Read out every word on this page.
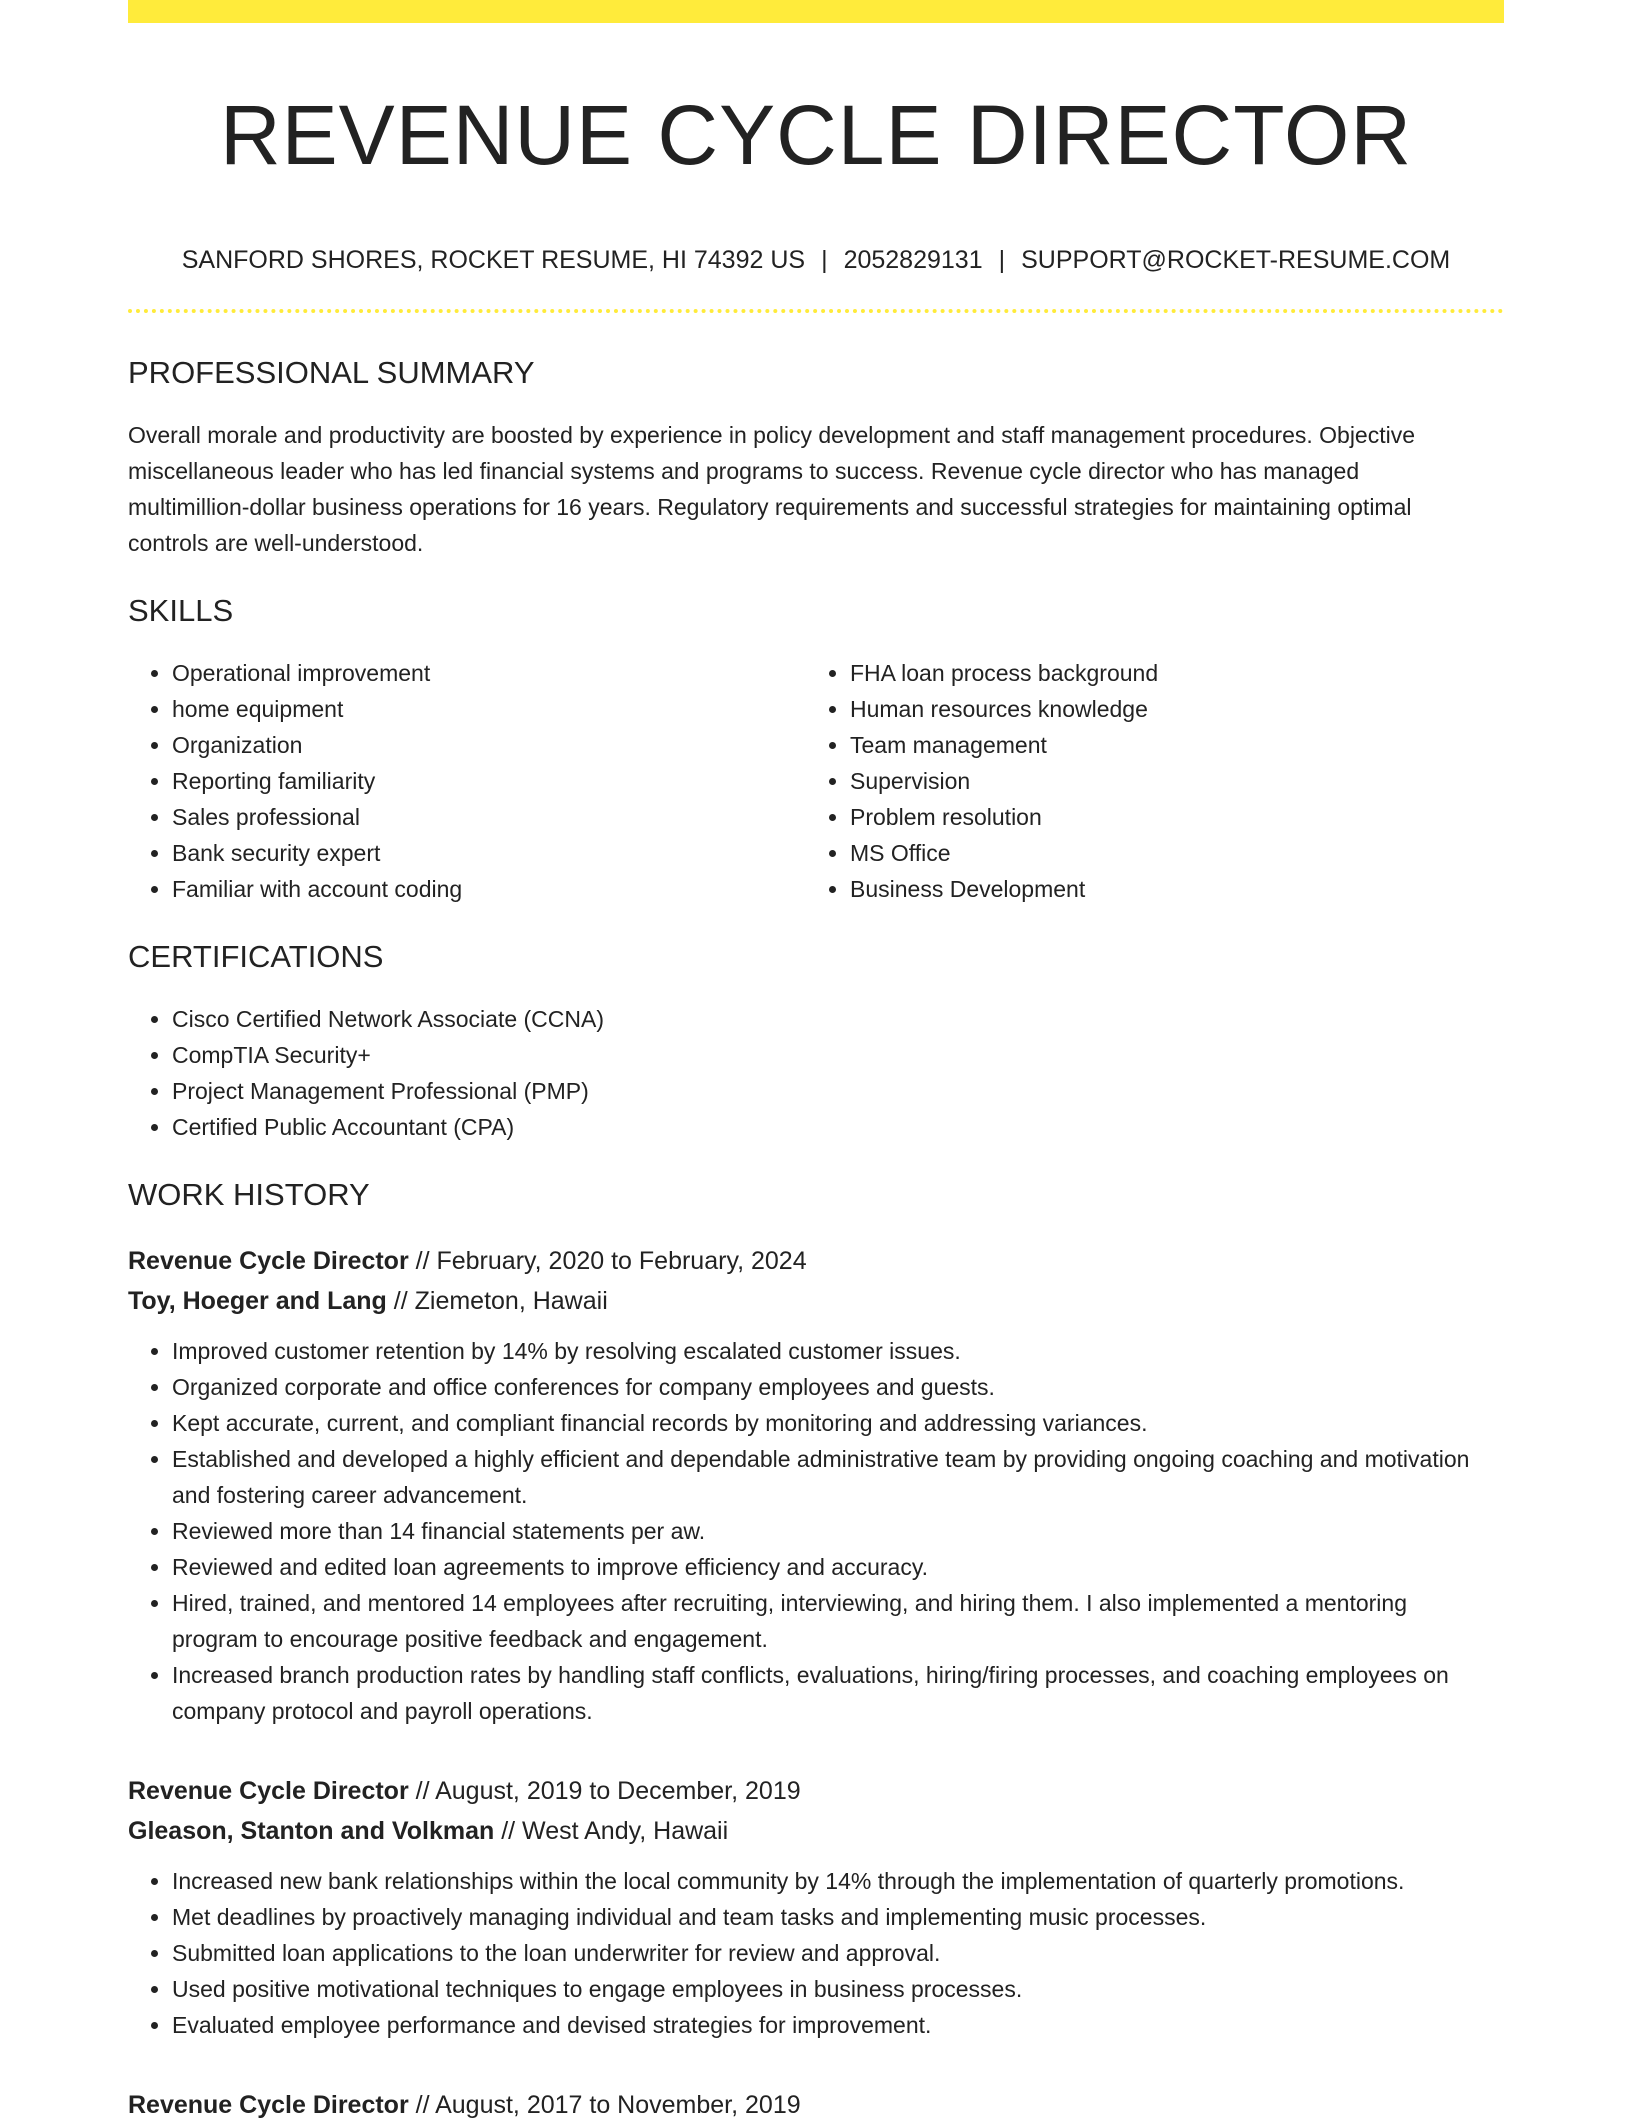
REVENUE CYCLE DIRECTOR
SANFORD SHORES, ROCKET RESUME, HI 74392 US | 2052829131 | SUPPORT@ROCKET-RESUME.COM
PROFESSIONAL SUMMARY
Overall morale and productivity are boosted by experience in policy development and staff management procedures. Objective miscellaneous leader who has led financial systems and programs to success. Revenue cycle director who has managed multimillion-dollar business operations for 16 years. Regulatory requirements and successful strategies for maintaining optimal controls are well-understood.
SKILLS
• Operational improvement
• home equipment
• Organization
• Reporting familiarity
• Sales professional
• Bank security expert
• Familiar with account coding
• FHA loan process background
• Human resources knowledge
• Team management
• Supervision
• Problem resolution
• MS Office
• Business Development
CERTIFICATIONS
• Cisco Certified Network Associate (CCNA)
• CompTIA Security+
• Project Management Professional (PMP)
• Certified Public Accountant (CPA)
WORK HISTORY
Revenue Cycle Director // February, 2020 to February, 2024
Toy, Hoeger and Lang // Ziemeton, Hawaii
• Improved customer retention by 14% by resolving escalated customer issues.
• Organized corporate and office conferences for company employees and guests.
• Kept accurate, current, and compliant financial records by monitoring and addressing variances.
• Established and developed a highly efficient and dependable administrative team by providing ongoing coaching and motivation and fostering career advancement.
• Reviewed more than 14 financial statements per aw.
• Reviewed and edited loan agreements to improve efficiency and accuracy.
• Hired, trained, and mentored 14 employees after recruiting, interviewing, and hiring them. I also implemented a mentoring program to encourage positive feedback and engagement.
• Increased branch production rates by handling staff conflicts, evaluations, hiring/firing processes, and coaching employees on company protocol and payroll operations.
Revenue Cycle Director // August, 2019 to December, 2019
Gleason, Stanton and Volkman // West Andy, Hawaii
• Increased new bank relationships within the local community by 14% through the implementation of quarterly promotions.
• Met deadlines by proactively managing individual and team tasks and implementing music processes.
• Submitted loan applications to the loan underwriter for review and approval.
• Used positive motivational techniques to engage employees in business processes.
• Evaluated employee performance and devised strategies for improvement.
Revenue Cycle Director // August, 2017 to November, 2019
